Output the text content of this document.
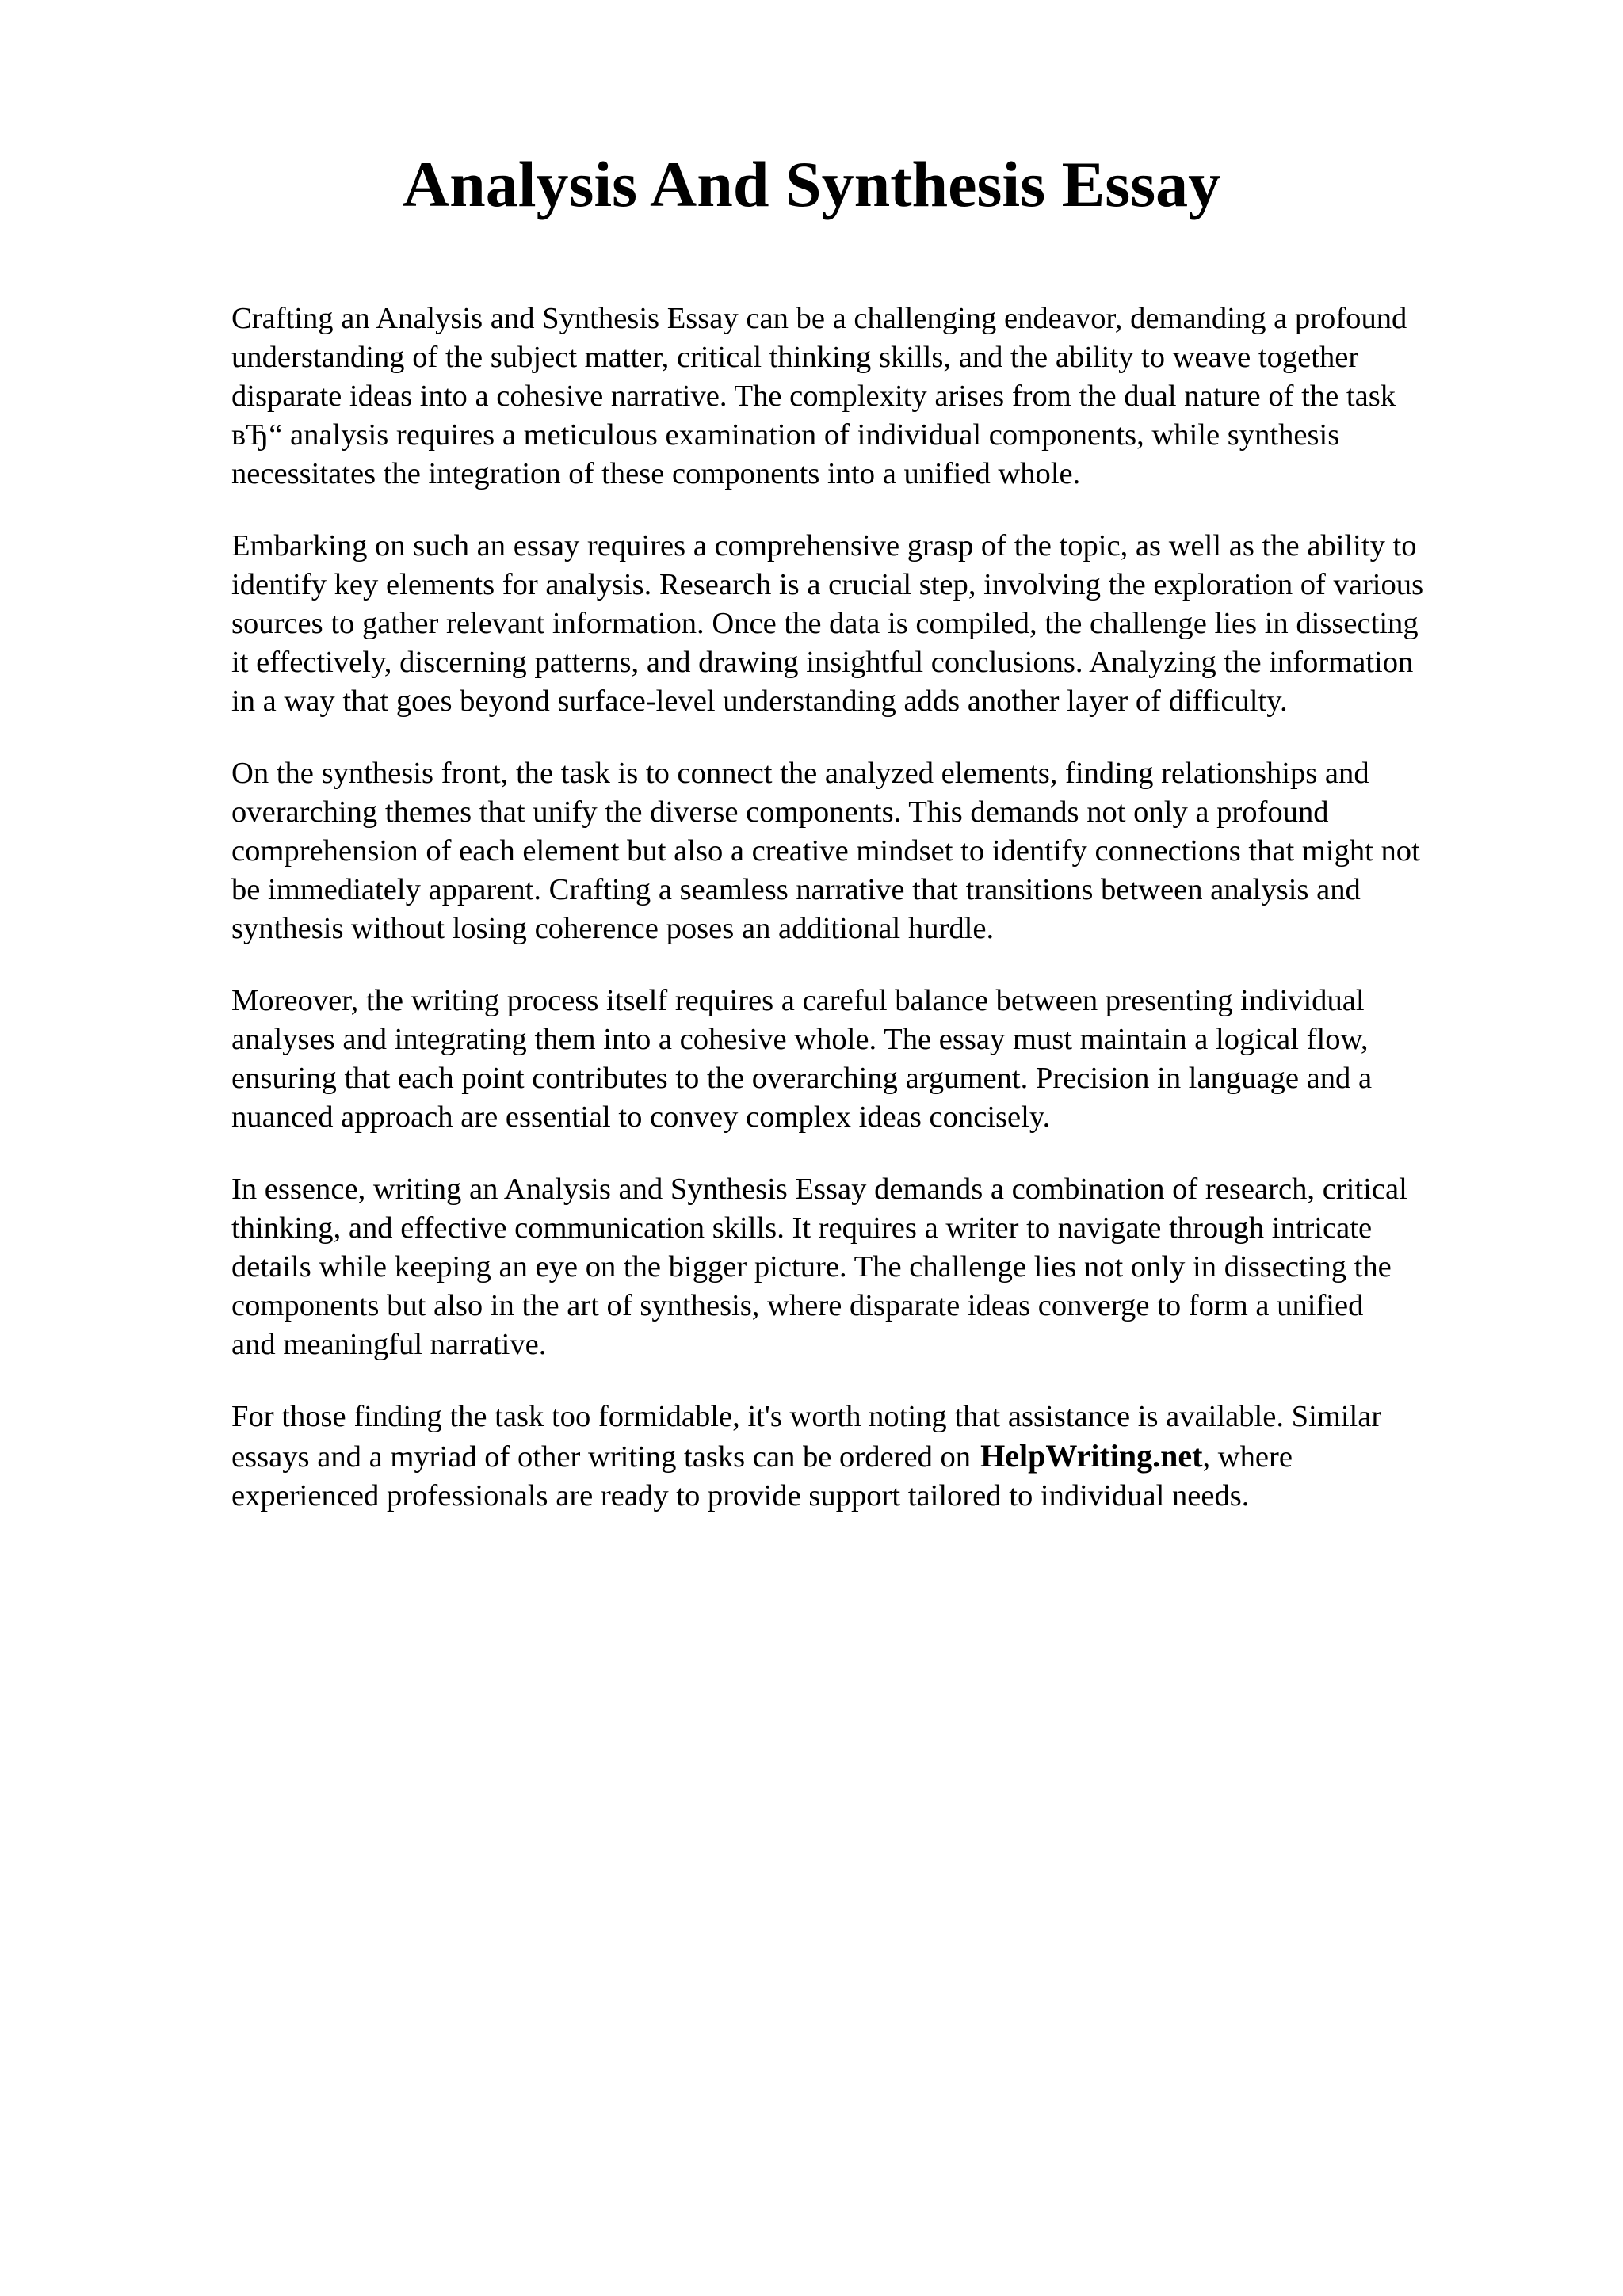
Analysis And Synthesis Essay

Crafting an Analysis and Synthesis Essay can be a challenging endeavor, demanding a profound
understanding of the subject matter, critical thinking skills, and the ability to weave together
disparate ideas into a cohesive narrative. The complexity arises from the dual nature of the task
вЂ“ analysis requires a meticulous examination of individual components, while synthesis
necessitates the integration of these components into a unified whole.

Embarking on such an essay requires a comprehensive grasp of the topic, as well as the ability to
identify key elements for analysis. Research is a crucial step, involving the exploration of various
sources to gather relevant information. Once the data is compiled, the challenge lies in dissecting
it effectively, discerning patterns, and drawing insightful conclusions. Analyzing the information
in a way that goes beyond surface-level understanding adds another layer of difficulty.

On the synthesis front, the task is to connect the analyzed elements, finding relationships and
overarching themes that unify the diverse components. This demands not only a profound
comprehension of each element but also a creative mindset to identify connections that might not
be immediately apparent. Crafting a seamless narrative that transitions between analysis and
synthesis without losing coherence poses an additional hurdle.

Moreover, the writing process itself requires a careful balance between presenting individual
analyses and integrating them into a cohesive whole. The essay must maintain a logical flow,
ensuring that each point contributes to the overarching argument. Precision in language and a
nuanced approach are essential to convey complex ideas concisely.

In essence, writing an Analysis and Synthesis Essay demands a combination of research, critical
thinking, and effective communication skills. It requires a writer to navigate through intricate
details while keeping an eye on the bigger picture. The challenge lies not only in dissecting the
components but also in the art of synthesis, where disparate ideas converge to form a unified
and meaningful narrative.

For those finding the task too formidable, it's worth noting that assistance is available. Similar
essays and a myriad of other writing tasks can be ordered on HelpWriting.net, where
experienced professionals are ready to provide support tailored to individual needs.
